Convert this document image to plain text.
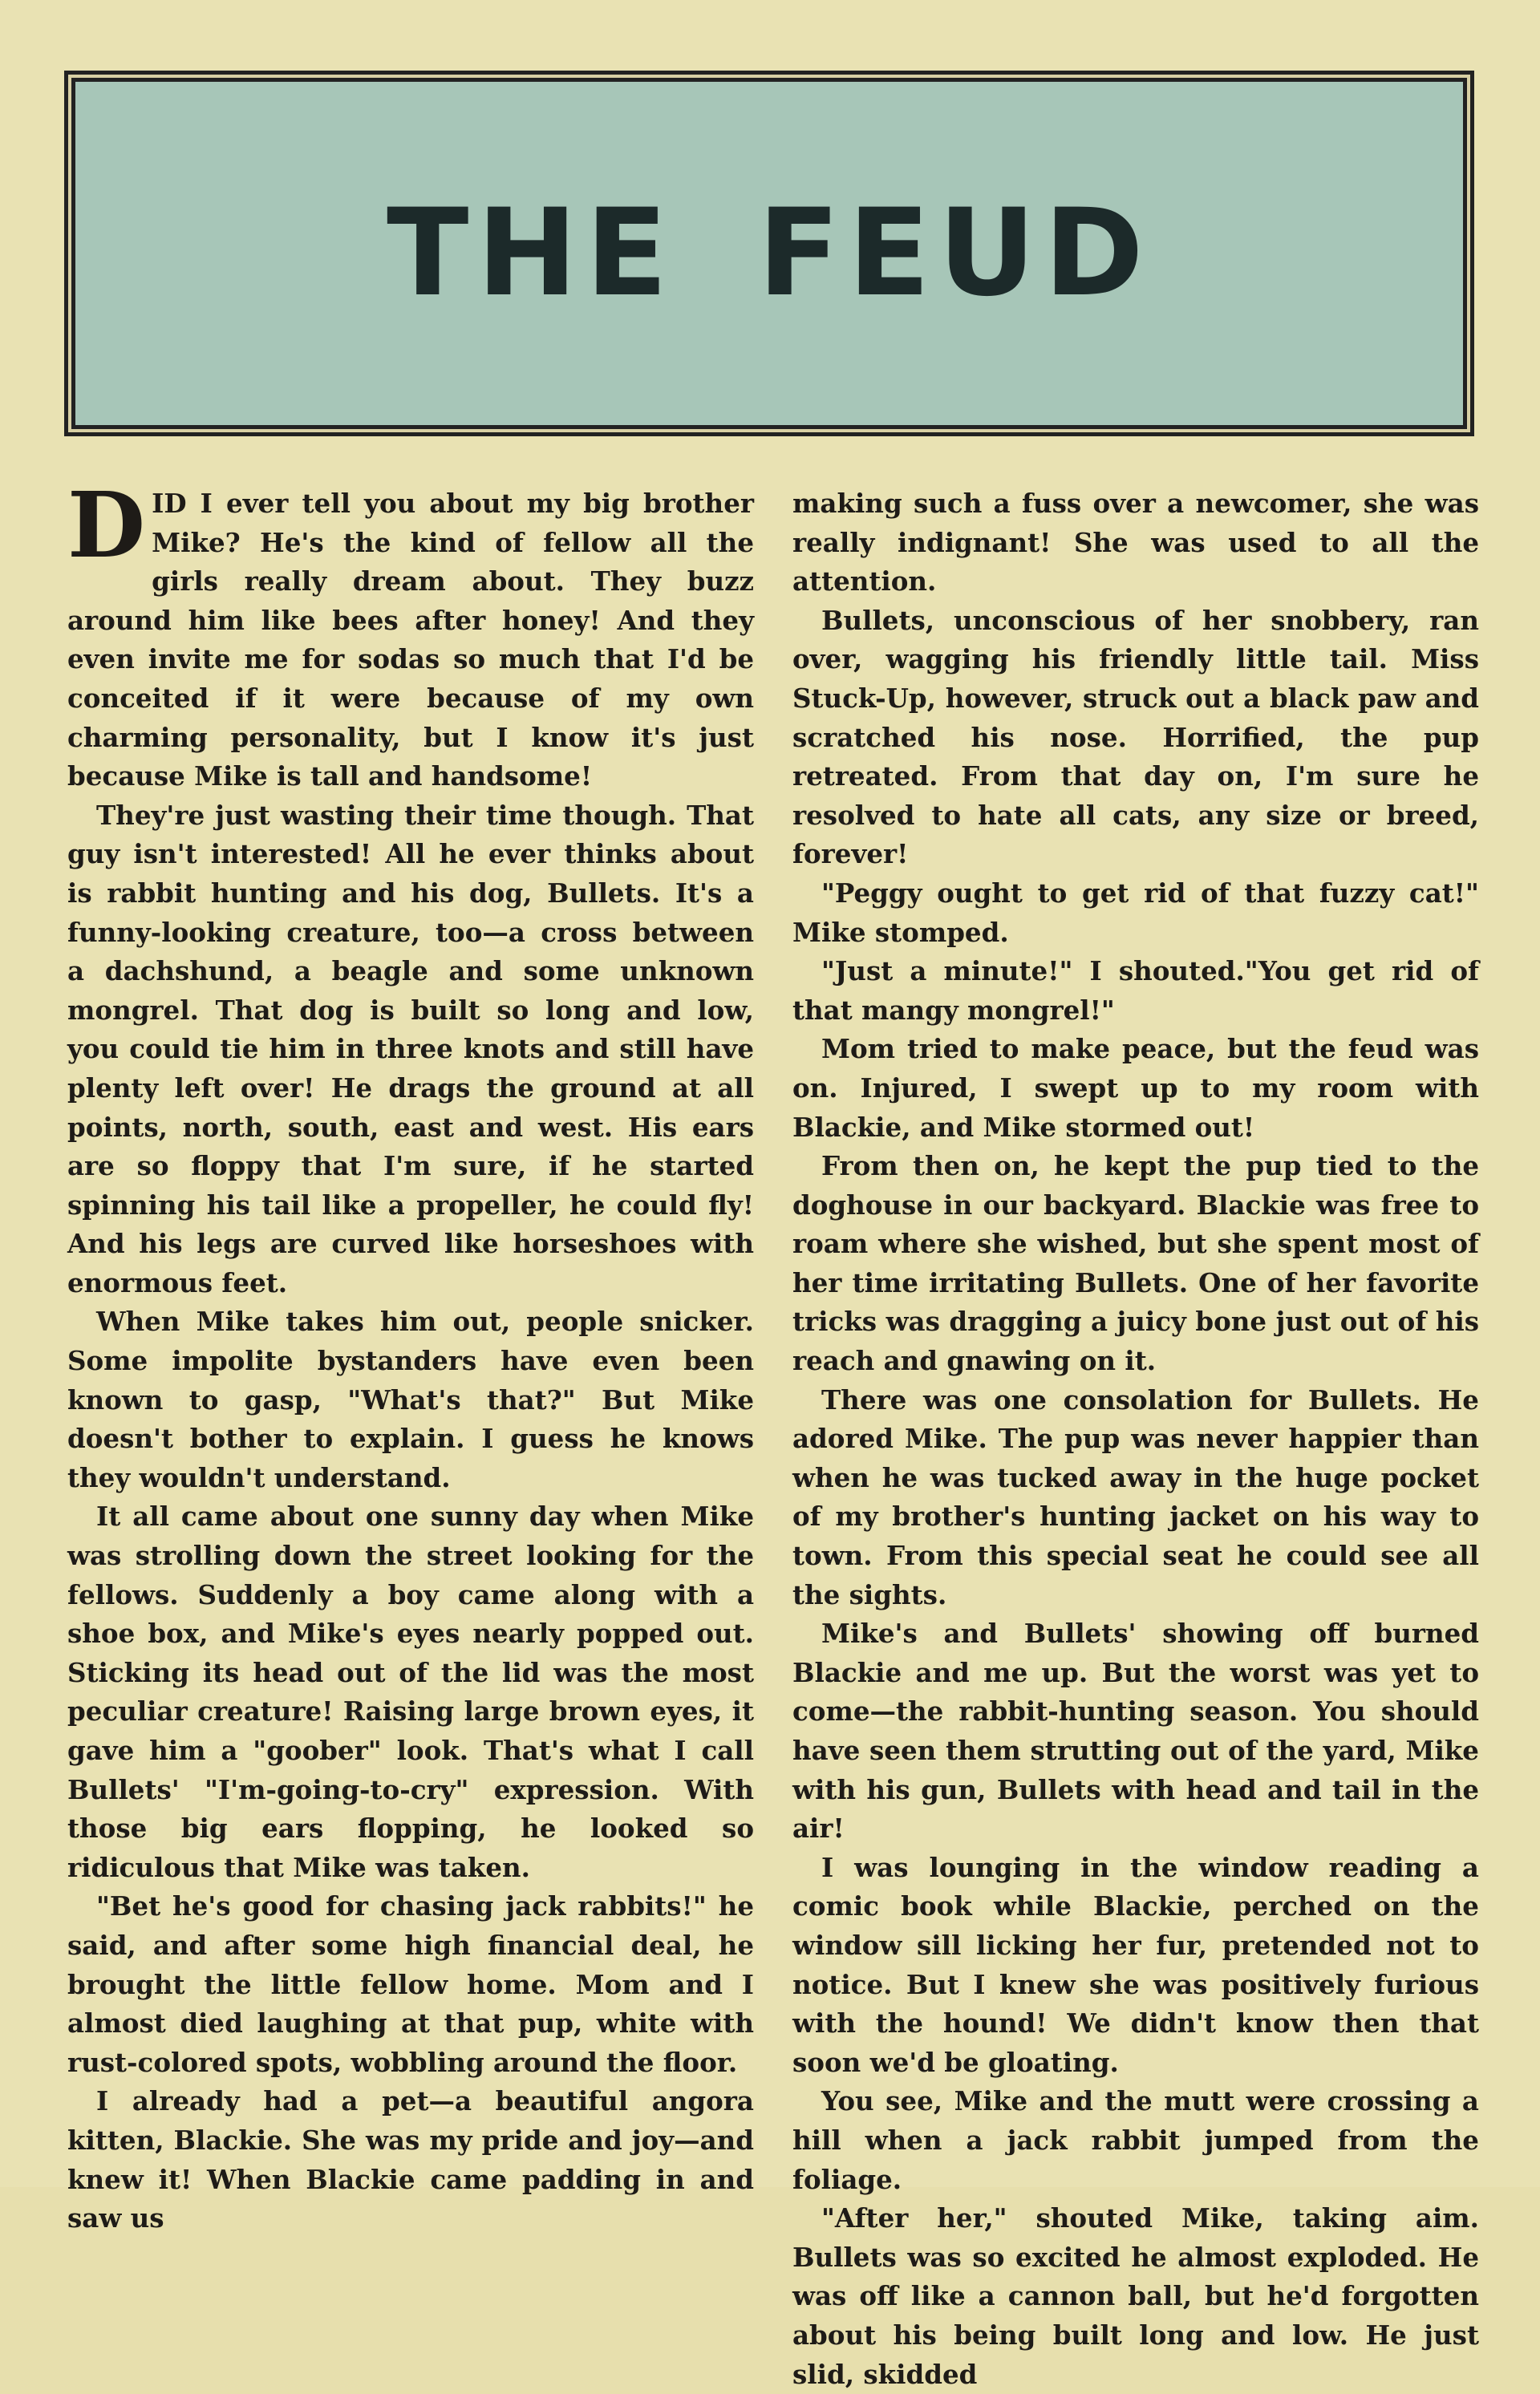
THE FEUD

DID I ever tell you about my big brother Mike? He's the kind of fellow all the girls really dream about. They buzz around him like bees after honey! And they even invite me for sodas so much that I'd be conceited if it were because of my own charming personality, but I know it's just because Mike is tall and handsome!

They're just wasting their time though. That guy isn't interested! All he ever thinks about is rabbit hunting and his dog, Bullets. It's a funny-looking creature, too—a cross between a dachshund, a beagle and some unknown mongrel. That dog is built so long and low, you could tie him in three knots and still have plenty left over! He drags the ground at all points, north, south, east and west. His ears are so floppy that I'm sure, if he started spinning his tail like a propeller, he could fly! And his legs are curved like horseshoes with enormous feet.

When Mike takes him out, people snicker. Some impolite bystanders have even been known to gasp, "What's that?" But Mike doesn't bother to explain. I guess he knows they wouldn't understand.

It all came about one sunny day when Mike was strolling down the street looking for the fellows. Suddenly a boy came along with a shoe box, and Mike's eyes nearly popped out. Sticking its head out of the lid was the most peculiar creature! Raising large brown eyes, it gave him a "goober" look. That's what I call Bullets' "I'm-going-to-cry" expression. With those big ears flopping, he looked so ridiculous that Mike was taken.

"Bet he's good for chasing jack rabbits!" he said, and after some high financial deal, he brought the little fellow home. Mom and I almost died laughing at that pup, white with rust-colored spots, wobbling around the floor.

I already had a pet—a beautiful angora kitten, Blackie. She was my pride and joy—and knew it! When Blackie came padding in and saw us

making such a fuss over a newcomer, she was really indignant! She was used to all the attention.

Bullets, unconscious of her snobbery, ran over, wagging his friendly little tail. Miss Stuck-Up, however, struck out a black paw and scratched his nose. Horrified, the pup retreated. From that day on, I'm sure he resolved to hate all cats, any size or breed, forever!

"Peggy ought to get rid of that fuzzy cat!" Mike stomped.

"Just a minute!" I shouted."You get rid of that mangy mongrel!"

Mom tried to make peace, but the feud was on. Injured, I swept up to my room with Blackie, and Mike stormed out!

From then on, he kept the pup tied to the doghouse in our backyard. Blackie was free to roam where she wished, but she spent most of her time irritating Bullets. One of her favorite tricks was dragging a juicy bone just out of his reach and gnawing on it.

There was one consolation for Bullets. He adored Mike. The pup was never happier than when he was tucked away in the huge pocket of my brother's hunting jacket on his way to town. From this special seat he could see all the sights.

Mike's and Bullets' showing off burned Blackie and me up. But the worst was yet to come—the rabbit-hunting season. You should have seen them strutting out of the yard, Mike with his gun, Bullets with head and tail in the air!

I was lounging in the window reading a comic book while Blackie, perched on the window sill licking her fur, pretended not to notice. But I knew she was positively furious with the hound! We didn't know then that soon we'd be gloating.

You see, Mike and the mutt were crossing a hill when a jack rabbit jumped from the foliage.

"After her," shouted Mike, taking aim. Bullets was so excited he almost exploded. He was off like a cannon ball, but he'd forgotten about his being built long and low. He just slid, skidded
